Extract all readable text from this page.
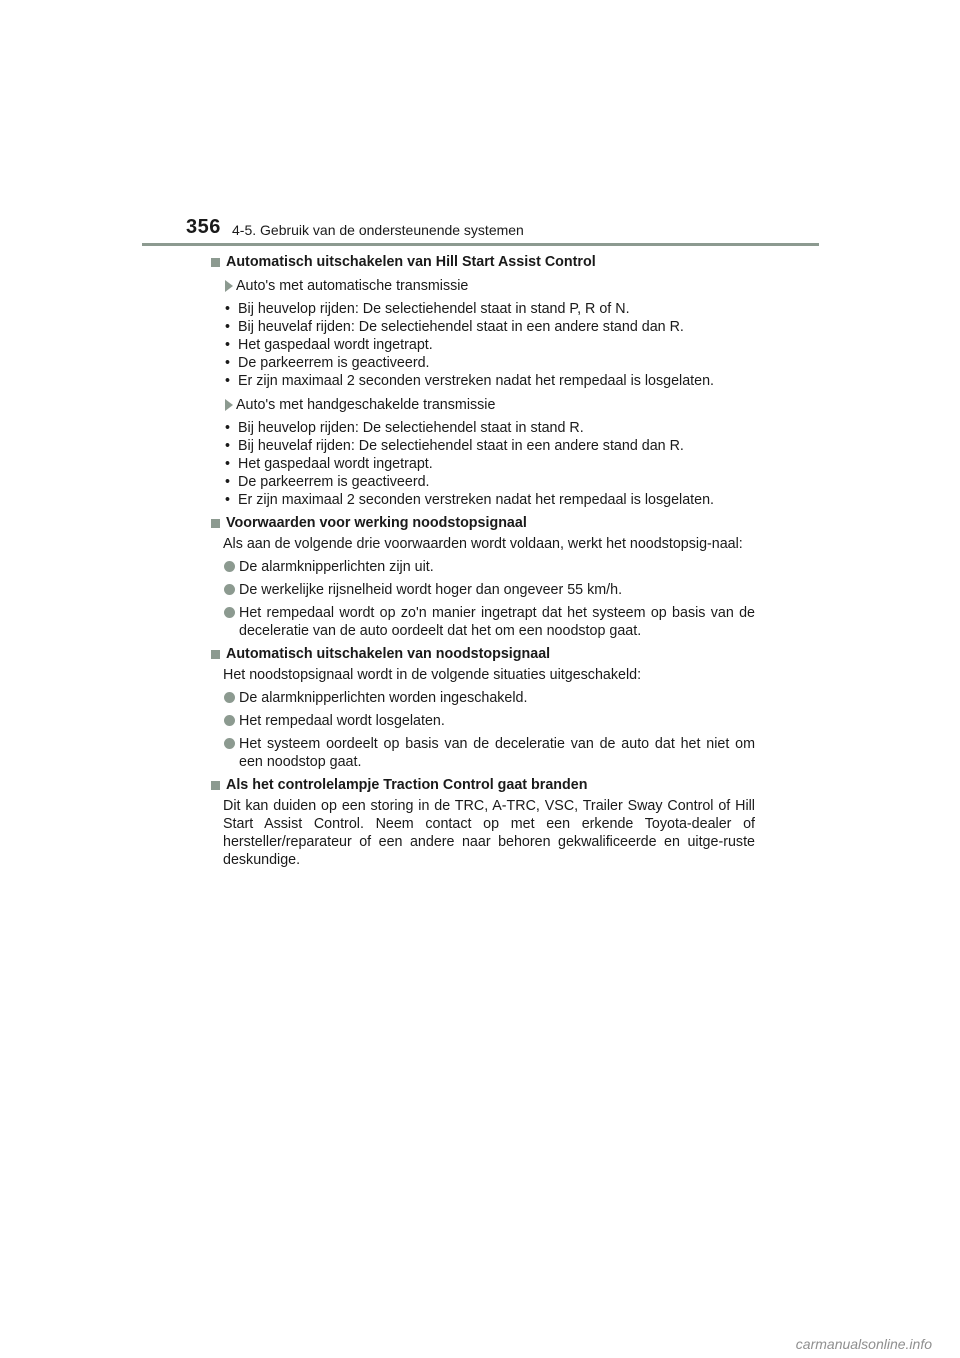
356 4-5. Gebruik van de ondersteunende systemen
Automatisch uitschakelen van Hill Start Assist Control
Auto's met automatische transmissie
• Bij heuvelop rijden: De selectiehendel staat in stand P, R of N.
• Bij heuvelaf rijden: De selectiehendel staat in een andere stand dan R.
• Het gaspedaal wordt ingetrapt.
• De parkeerrem is geactiveerd.
• Er zijn maximaal 2 seconden verstreken nadat het rempedaal is losgelaten.
Auto's met handgeschakelde transmissie
• Bij heuvelop rijden: De selectiehendel staat in stand R.
• Bij heuvelaf rijden: De selectiehendel staat in een andere stand dan R.
• Het gaspedaal wordt ingetrapt.
• De parkeerrem is geactiveerd.
• Er zijn maximaal 2 seconden verstreken nadat het rempedaal is losgelaten.
Voorwaarden voor werking noodstopsignaal
Als aan de volgende drie voorwaarden wordt voldaan, werkt het noodstopsig-naal:
De alarmknipperlichten zijn uit.
De werkelijke rijsnelheid wordt hoger dan ongeveer 55 km/h.
Het rempedaal wordt op zo'n manier ingetrapt dat het systeem op basis van de deceleratie van de auto oordeelt dat het om een noodstop gaat.
Automatisch uitschakelen van noodstopsignaal
Het noodstopsignaal wordt in de volgende situaties uitgeschakeld:
De alarmknipperlichten worden ingeschakeld.
Het rempedaal wordt losgelaten.
Het systeem oordeelt op basis van de deceleratie van de auto dat het niet om een noodstop gaat.
Als het controlelampje Traction Control gaat branden
Dit kan duiden op een storing in de TRC, A-TRC, VSC, Trailer Sway Control of Hill Start Assist Control. Neem contact op met een erkende Toyota-dealer of hersteller/reparateur of een andere naar behoren gekwalificeerde en uitge-ruste deskundige.
carmanualsonline.info
